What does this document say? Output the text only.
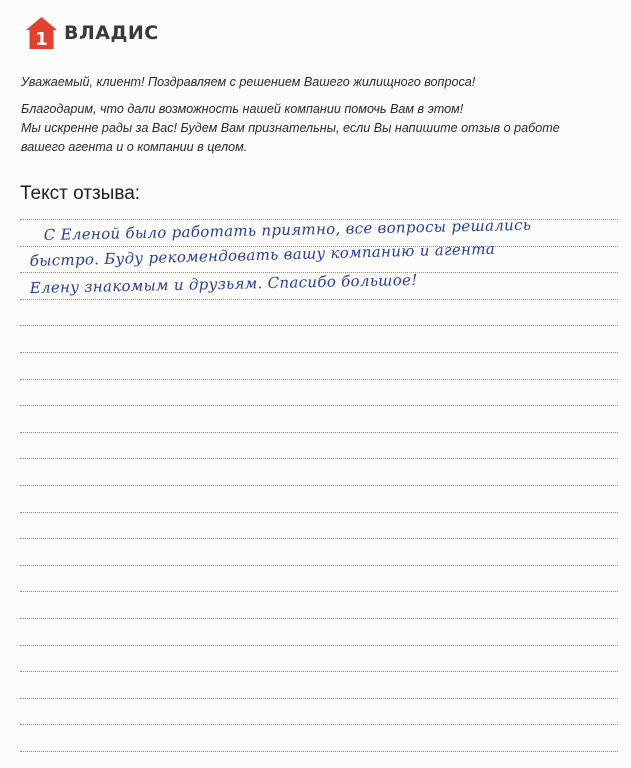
1 ВЛАДИС

Уважаемый, клиент! Поздравляем с решением Вашего жилищного вопроса!

Благодарим, что дали возможность нашей компании помочь Вам в этом!

Мы искренне рады за Вас! Будем Вам признательны, если Вы напишите отзыв о работе

вашего агента и о компании в целом.

Текст отзыва:
С Еленой было работать приятно, все вопросы решались
быстро. Буду рекомендовать вашу компанию и агента
Елену знакомым и друзьям. Спасибо большое!
